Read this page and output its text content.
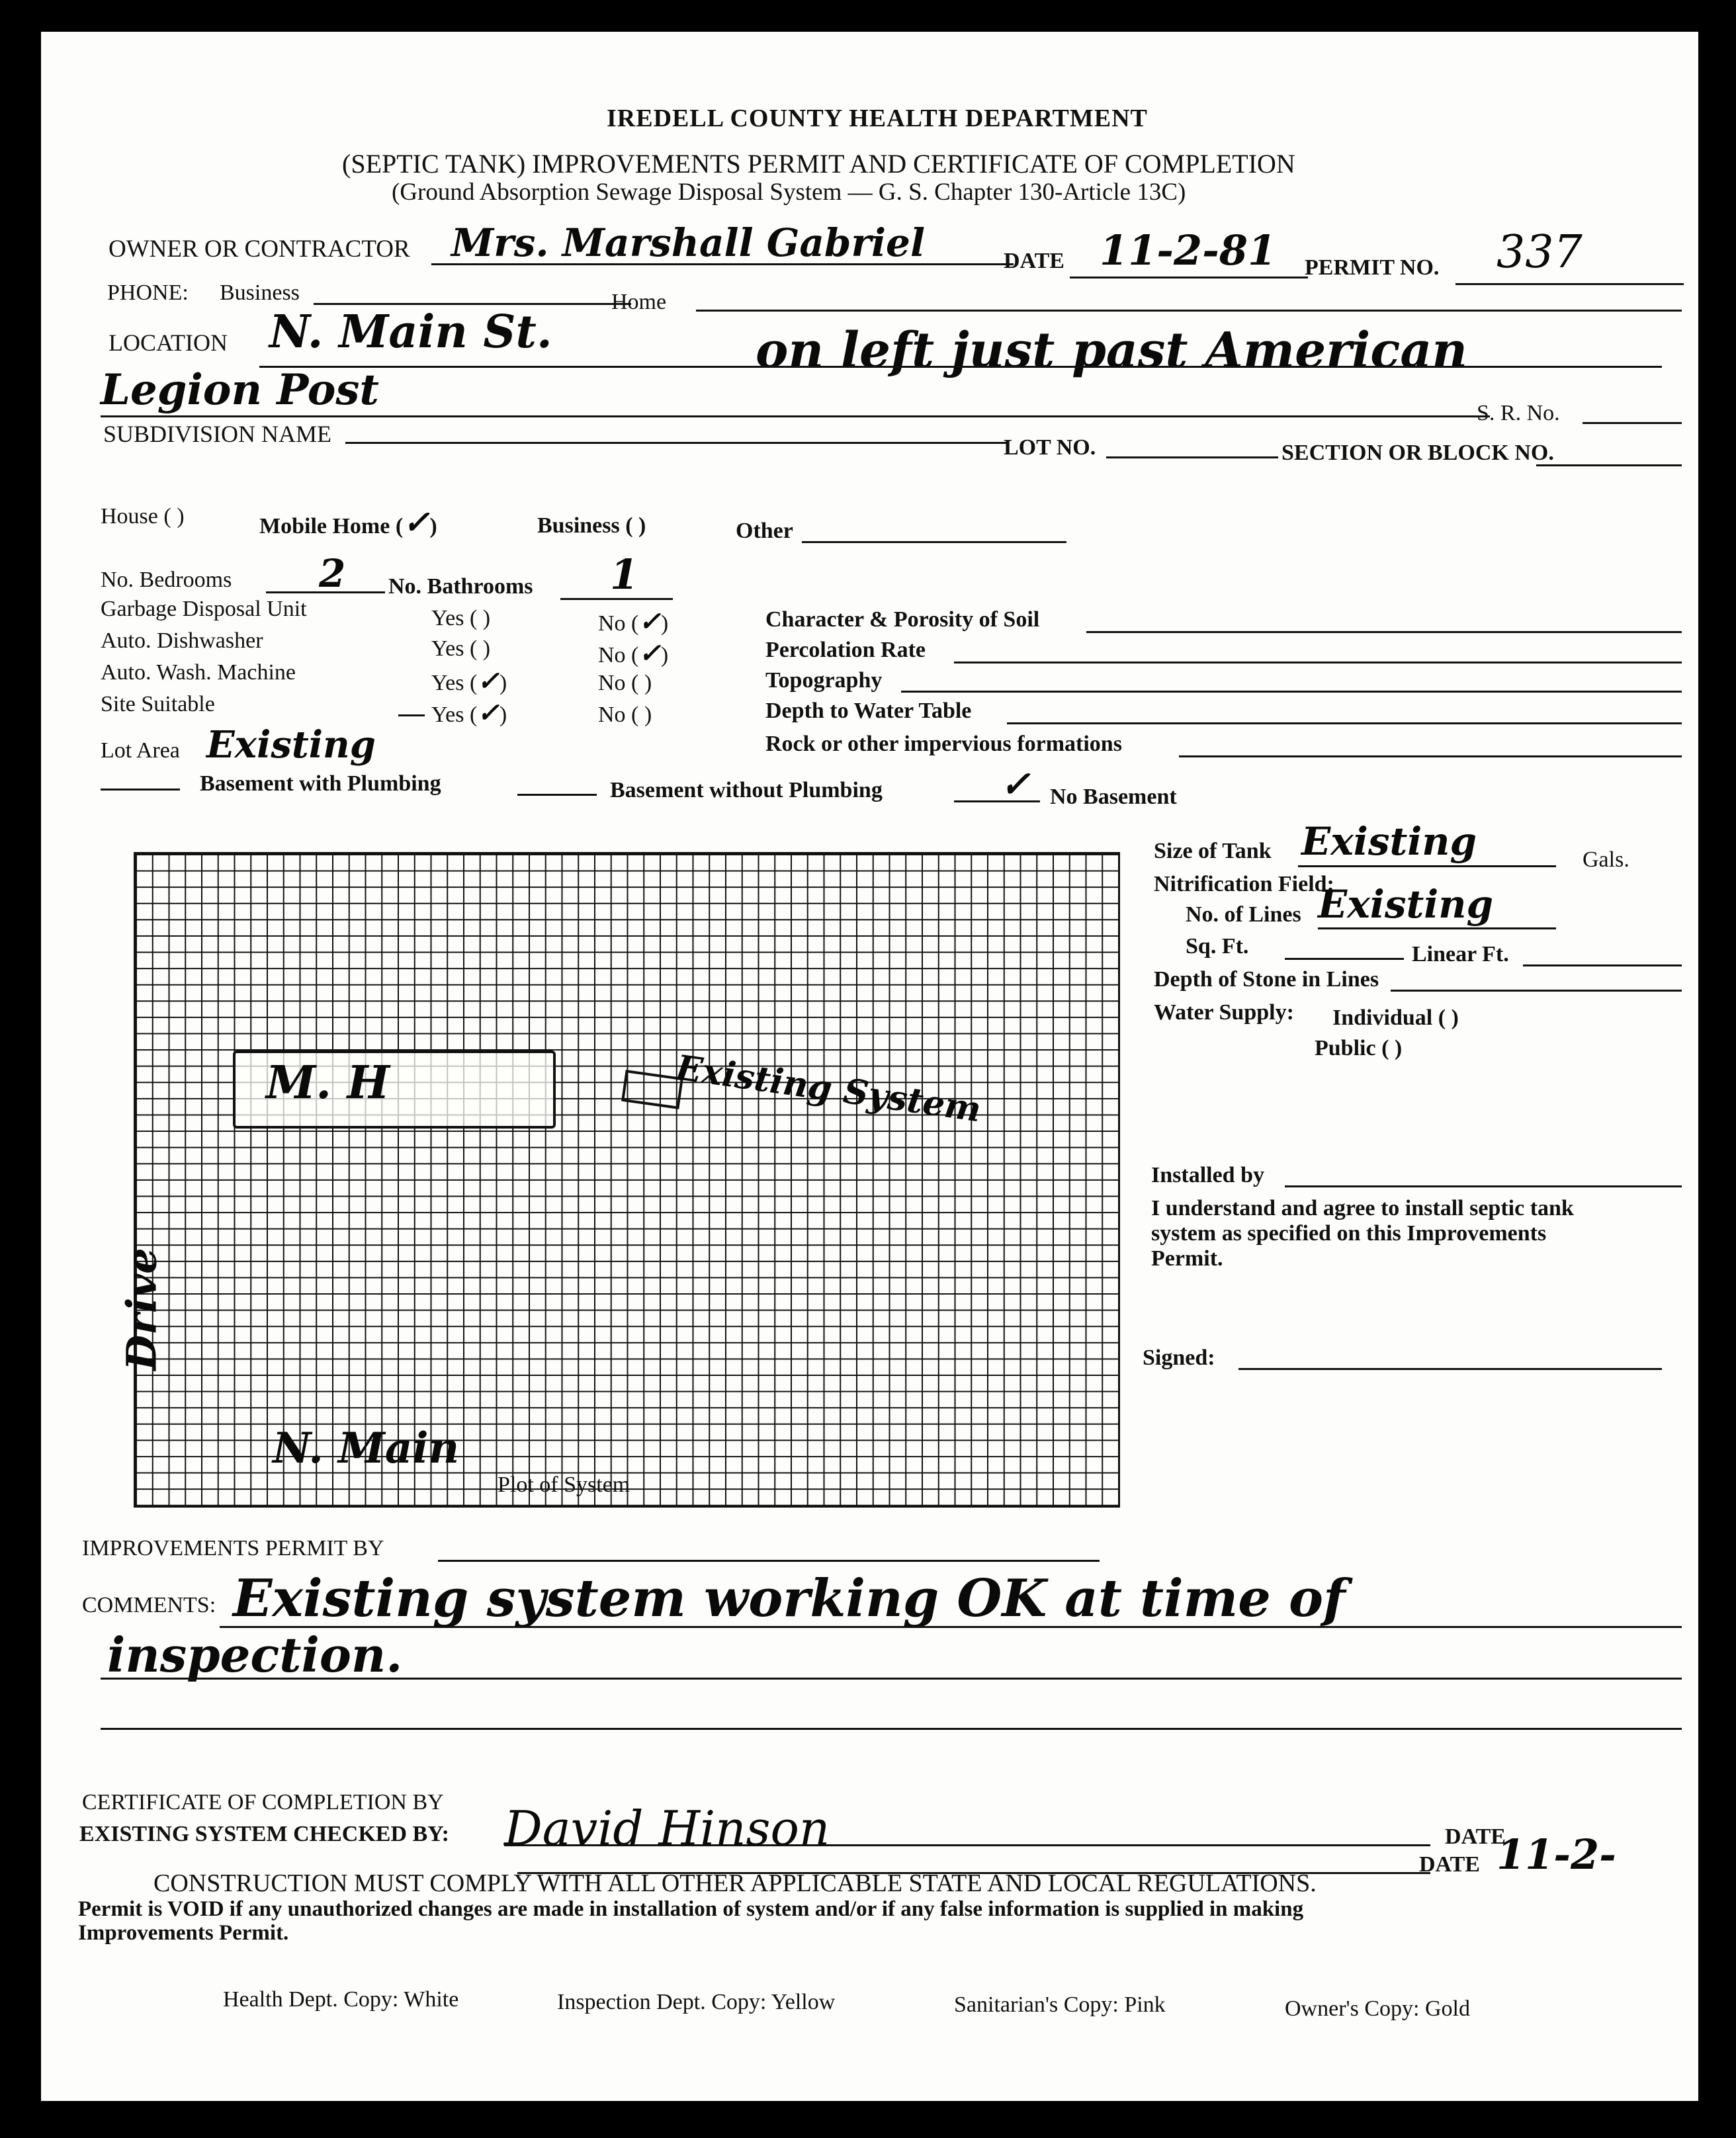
IREDELL COUNTY HEALTH DEPARTMENT
(SEPTIC TANK) IMPROVEMENTS PERMIT AND CERTIFICATE OF COMPLETION
(Ground Absorption Sewage Disposal System — G. S. Chapter 130-Article 13C)
OWNER OR CONTRACTOR Mrs. Marshall Gabriel	DATE 11-2-81 PERMIT NO. 337
PHONE: Business	Home
LOCATION N. Main St.	on left just past American
Legion Post	S. R. No.
SUBDIVISION NAME
LOT NO.	SECTION OR BLOCK NO.
House ( )	Mobile Home (✓)	Business ( )	Other
No. Bedrooms 2 No. Bathrooms 1
Garbage Disposal Unit	Yes ( )	No (✓)
Auto. Dishwasher	Yes ( )	No (✓)
Auto. Wash. Machine	Yes (✓)	No ( )
Site Suitable	Yes (✓)	No ( )
Character & Porosity of Soil
Percolation Rate
Topography
Depth to Water Table
Rock or other impervious formations
Lot Area Existing
Basement with Plumbing	Basement without Plumbing	✓ No Basement
M. H	Existing System
Drive
N. Main
Plot of System
Size of Tank Existing	Gals.
Nitrification Field:
No. of Lines Existing
Sq. Ft.	Linear Ft.
Depth of Stone in Lines
Water Supply: Individual ( )
Public ( )
Installed by
I understand and agree to install septic tank
system as specified on this Improvements
Permit.
Signed:
IMPROVEMENTS PERMIT BY
COMMENTS: Existing system working OK at time of
inspection.
CERTIFICATE OF COMPLETION BY
EXISTING SYSTEM CHECKED BY: David Hinson	DATE
DATE 11-2-
CONSTRUCTION MUST COMPLY WITH ALL OTHER APPLICABLE STATE AND LOCAL REGULATIONS.
Permit is VOID if any unauthorized changes are made in installation of system and/or if any false information is supplied in making
Improvements Permit.
Health Dept. Copy: White	Inspection Dept. Copy: Yellow	Sanitarian's Copy: Pink	Owner's Copy: Gold
